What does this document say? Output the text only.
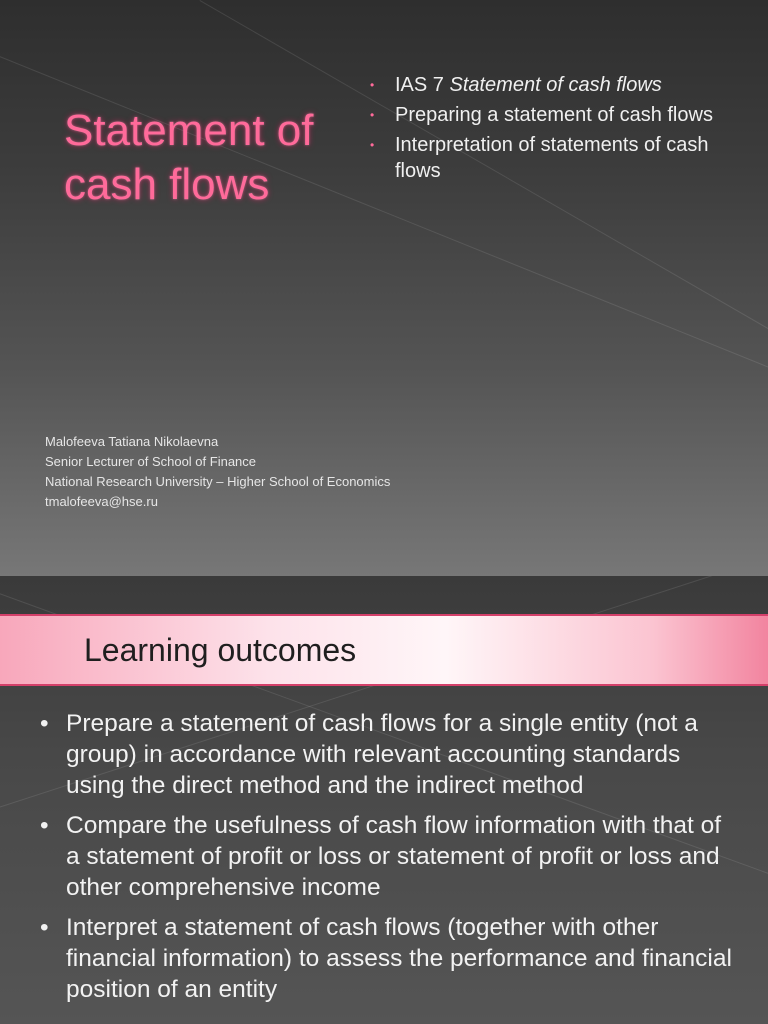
Statement of
cash flows
• IAS 7 Statement of cash flows
• Preparing a statement of cash flows
• Interpretation of statements of cash flows
Malofeeva Tatiana Nikolaevna
Senior Lecturer of School of Finance
National Research University – Higher School of Economics
tmalofeeva@hse.ru
Learning outcomes
• Prepare a statement of cash flows for a single entity (not a group) in accordance with relevant accounting standards using the direct method and the indirect method
• Compare the usefulness of cash flow information with that of a statement of profit or loss or statement of profit or loss and other comprehensive income
• Interpret a statement of cash flows (together with other financial information) to assess the performance and financial position of an entity
